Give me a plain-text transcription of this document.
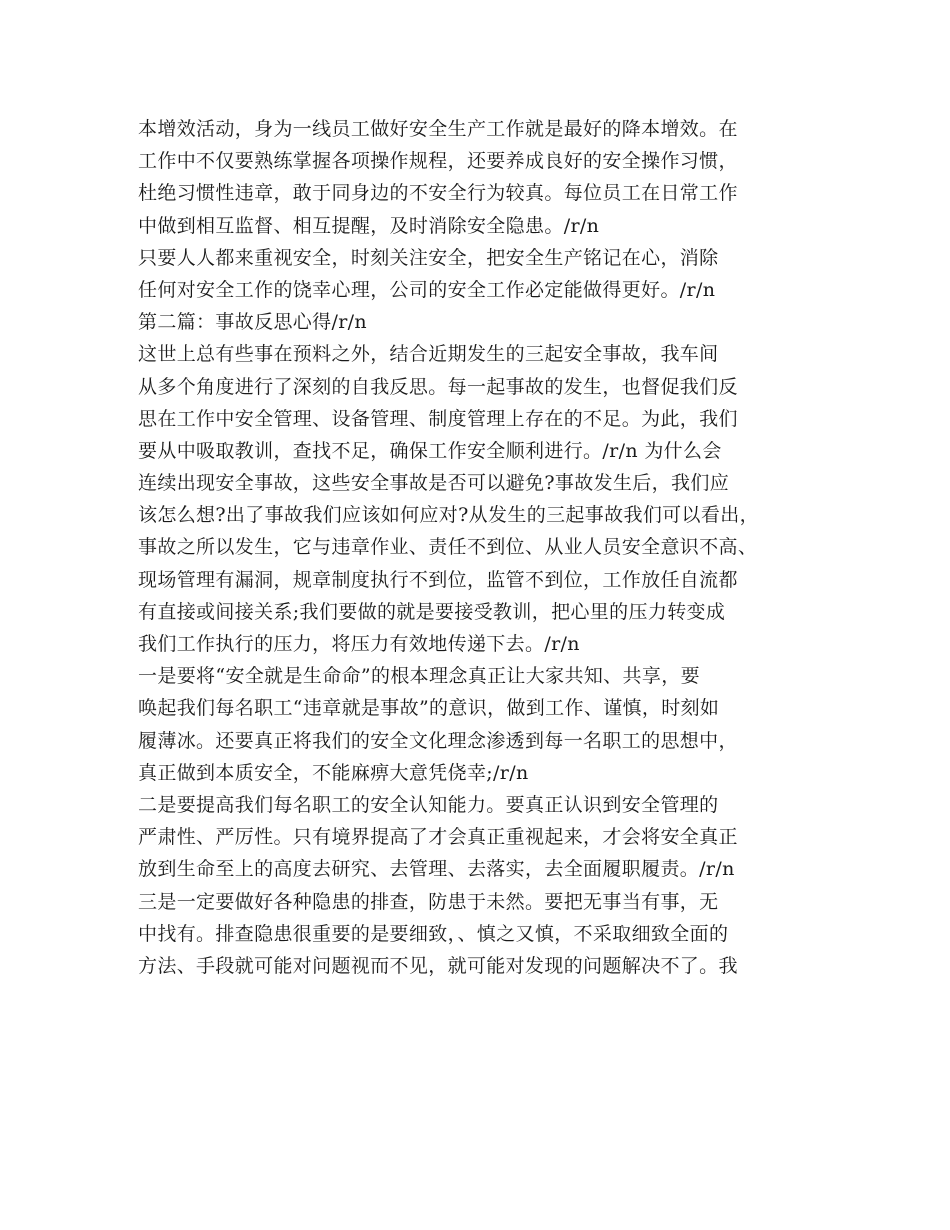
本增效活动，身为一线员工做好安全生产工作就是最好的降本增效。在
工作中不仅要熟练掌握各项操作规程，还要养成良好的安全操作习惯，
杜绝习惯性违章，敢于同身边的不安全行为较真。每位员工在日常工作
中做到相互监督、相互提醒，及时消除安全隐患。/r/n
只要人人都来重视安全，时刻关注安全，把安全生产铭记在心，消除
任何对安全工作的饶幸心理，公司的安全工作必定能做得更好。/r/n
第二篇：事故反思心得/r/n
这世上总有些事在预料之外，结合近期发生的三起安全事故，我车间
从多个角度进行了深刻的自我反思。每一起事故的发生，也督促我们反
思在工作中安全管理、设备管理、制度管理上存在的不足。为此，我们
要从中吸取教训，查找不足，确保工作安全顺利进行。/r/n 为什么会
连续出现安全事故，这些安全事故是否可以避免?事故发生后，我们应
该怎么想?出了事故我们应该如何应对?从发生的三起事故我们可以看出，
事故之所以发生，它与违章作业、责任不到位、从业人员安全意识不高、
现场管理有漏洞，规章制度执行不到位，监管不到位，工作放任自流都
有直接或间接关系;我们要做的就是要接受教训，把心里的压力转变成
我们工作执行的压力，将压力有效地传递下去。/r/n
一是要将“安全就是生命命”的根本理念真正让大家共知、共享，要
唤起我们每名职工“违章就是事故”的意识，做到工作、谨慎，时刻如
履薄冰。还要真正将我们的安全文化理念渗透到每一名职工的思想中，
真正做到本质安全，不能麻痹大意凭侥幸;/r/n
二是要提高我们每名职工的安全认知能力。要真正认识到安全管理的
严肃性、严厉性。只有境界提高了才会真正重视起来，才会将安全真正
放到生命至上的高度去研究、去管理、去落实，去全面履职履责。/r/n
三是一定要做好各种隐患的排查，防患于未然。要把无事当有事，无
中找有。排查隐患很重要的是要细致，、慎之又慎，不采取细致全面的
方法、手段就可能对问题视而不见，就可能对发现的问题解决不了。我
